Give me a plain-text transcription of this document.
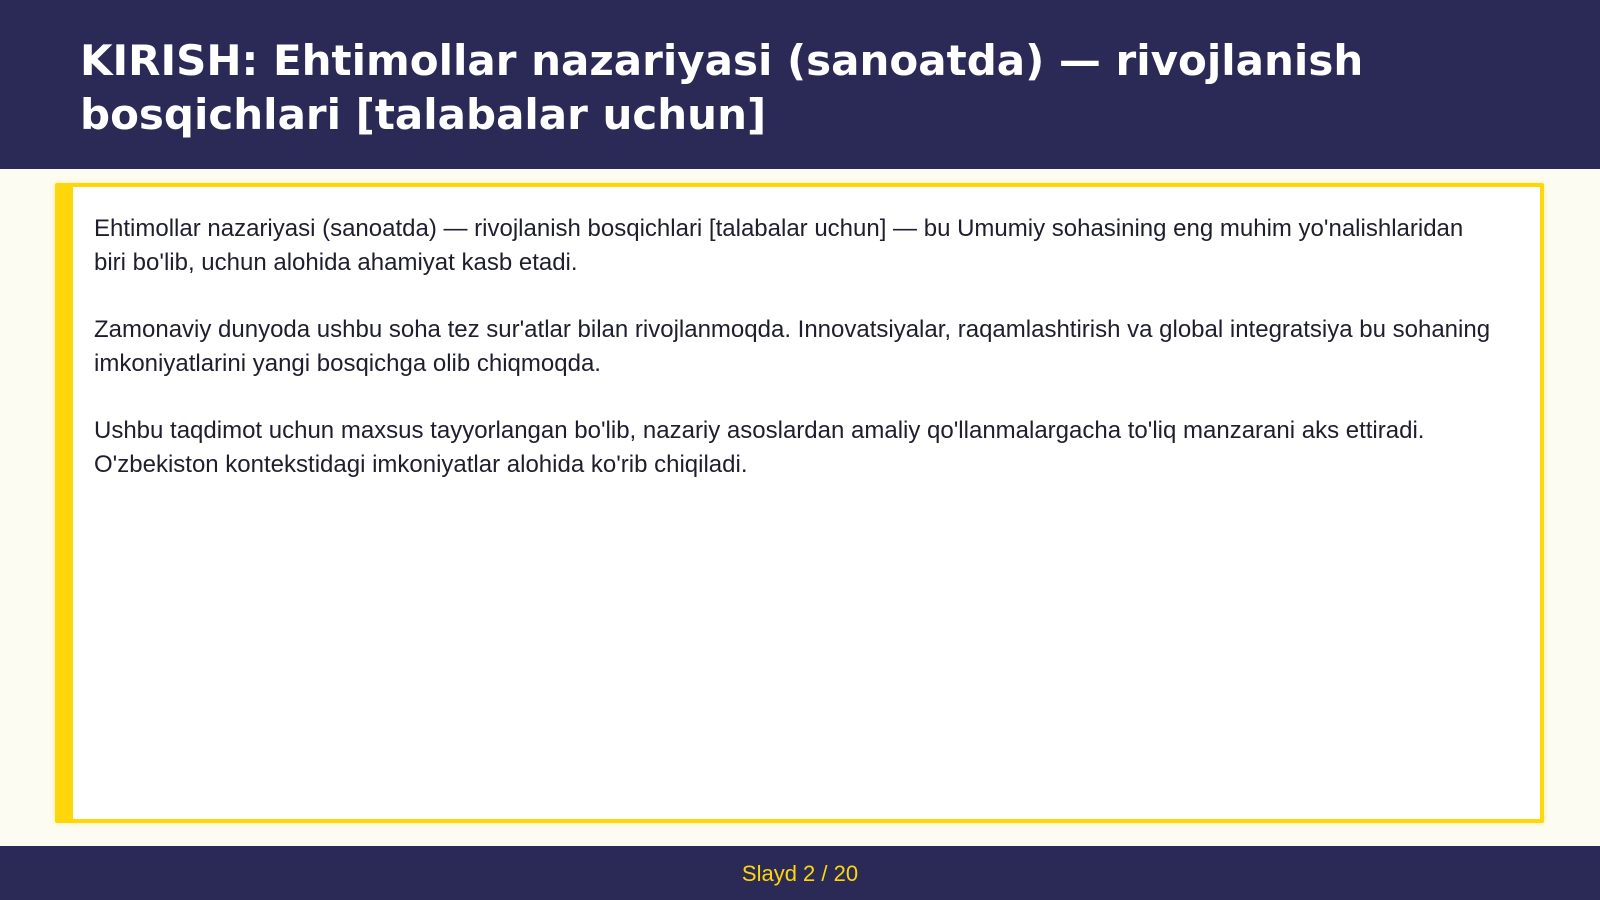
KIRISH: Ehtimollar nazariyasi (sanoatda) — rivojlanish bosqichlari [talabalar uchun]

Ehtimollar nazariyasi (sanoatda) — rivojlanish bosqichlari [talabalar uchun] — bu Umumiy sohasining eng muhim yo'nalishlaridan biri bo'lib, uchun alohida ahamiyat kasb etadi.

Zamonaviy dunyoda ushbu soha tez sur'atlar bilan rivojlanmoqda. Innovatsiyalar, raqamlashtirish va global integratsiya bu sohaning imkoniyatlarini yangi bosqichga olib chiqmoqda.

Ushbu taqdimot uchun maxsus tayyorlangan bo'lib, nazariy asoslardan amaliy qo'llanmalargacha to'liq manzarani aks ettiradi. O'zbekiston kontekstidagi imkoniyatlar alohida ko'rib chiqiladi.

Slayd 2 / 20
